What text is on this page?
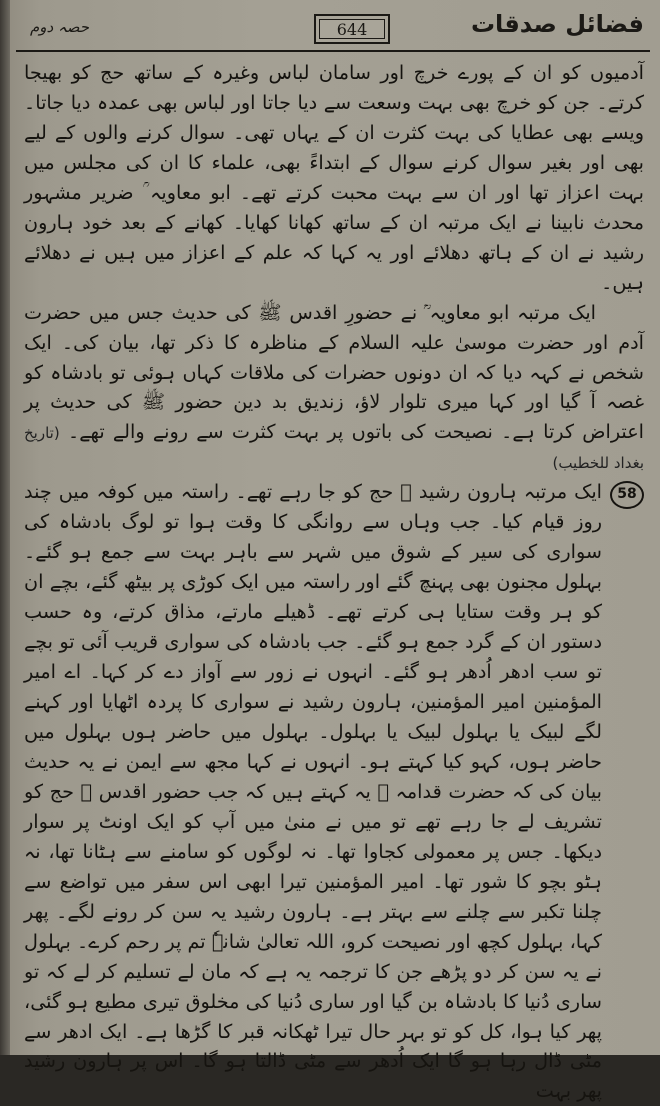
فضائل صدقات
644
حصہ دوم

آدمیوں کو ان کے پورے خرچ اور سامان لباس وغیرہ کے ساتھ حج کو بھیجا کرتے۔ جن کو خرچ بھی بہت وسعت سے دیا جاتا اور لباس بھی عمدہ دیا جاتا۔ ویسے بھی عطایا کی بہت کثرت ان کے یہاں تھی۔ سوال کرنے والوں کے لیے بھی اور بغیر سوال کرنے سوال کے ابتداءً بھی، علماء کا ان کی مجلس میں بہت اعزاز تھا اور ان سے بہت محبت کرتے تھے۔ ابو معاویہ ؒ ضریر مشہور محدث نابینا نے ایک مرتبہ ان کے ساتھ کھانا کھایا۔ کھانے کے بعد خود ہارون رشید نے ان کے ہاتھ دھلائے اور یہ کہا کہ علم کے اعزاز میں ہیں نے دھلائے ہیں۔

ایک مرتبہ ابو معاویہ ؒ نے حضورِ اقدس ﷺ کی حدیث جس میں حضرت آدم اور حضرت موسیٰ علیہ السلام کے مناظرہ کا ذکر تھا، بیان کی۔ ایک شخص نے کہہ دیا کہ ان دونوں حضرات کی ملاقات کہاں ہوئی تو بادشاہ کو غصہ آ گیا اور کہا میری تلوار لاؤ، زندیق بد دین حضور ﷺ کی حدیث پر اعتراض کرتا ہے۔ نصیحت کی باتوں پر بہت کثرت سے رونے والے تھے۔ (تاریخ بغداد للخطیب)

58

ایک مرتبہ ہارون رشید ؒ حج کو جا رہے تھے۔ راستہ میں کوفہ میں چند روز قیام کیا۔ جب وہاں سے روانگی کا وقت ہوا تو لوگ بادشاہ کی سواری کی سیر کے شوق میں شہر سے باہر بہت سے جمع ہو گئے۔ بہلول مجنون بھی پہنچ گئے اور راستہ میں ایک کوڑی پر بیٹھ گئے، بچے ان کو ہر وقت ستایا ہی کرتے تھے۔ ڈھیلے مارتے، مذاق کرتے، وہ حسب دستور ان کے گرد جمع ہو گئے۔ جب بادشاہ کی سواری قریب آئی تو بچے تو سب ادھر اُدھر ہو گئے۔ انہوں نے زور سے آواز دے کر کہا۔ اے امیر المؤمنین امیر المؤمنین، ہارون رشید نے سواری کا پردہ اٹھایا اور کہنے لگے لبیک یا بہلول لبیک یا بہلول۔ بہلول میں حاضر ہوں بہلول میں حاضر ہوں، کہو کیا کہتے ہو۔ انہوں نے کہا مجھ سے ایمن نے یہ حدیث بیان کی کہ حضرت قدامہ ؓ یہ کہتے ہیں کہ جب حضور اقدس ﷺ حج کو تشریف لے جا رہے تھے تو میں نے منیٰ میں آپ کو ایک اونٹ پر سوار دیکھا۔ جس پر معمولی کجاوا تھا۔ نہ لوگوں کو سامنے سے ہٹانا تھا، نہ ہٹو بچو کا شور تھا۔ امیر المؤمنین تیرا ابھی اس سفر میں تواضع سے چلنا تکبر سے چلنے سے بہتر ہے۔ ہارون رشید یہ سن کر رونے لگے۔ پھر کہا، بہلول کچھ اور نصیحت کرو، اللہ تعالیٰ شانہٗ تم پر رحم کرے۔ بہلول نے یہ سن کر دو پڑھے جن کا ترجمہ یہ ہے کہ مان لے تسلیم کر لے کہ تو ساری دُنیا کا بادشاہ بن گیا اور ساری دُنیا کی مخلوق تیری مطیع ہو گئی، پھر کیا ہوا، کل کو تو بہر حال تیرا ٹھکانہ قبر کا گڑھا ہے۔ ایک ادھر سے مٹی ڈال رہا ہو گا ایک اُدھر سے مٹی ڈالتا ہو گا۔ اس پر ہارون رشید پھر بہت
